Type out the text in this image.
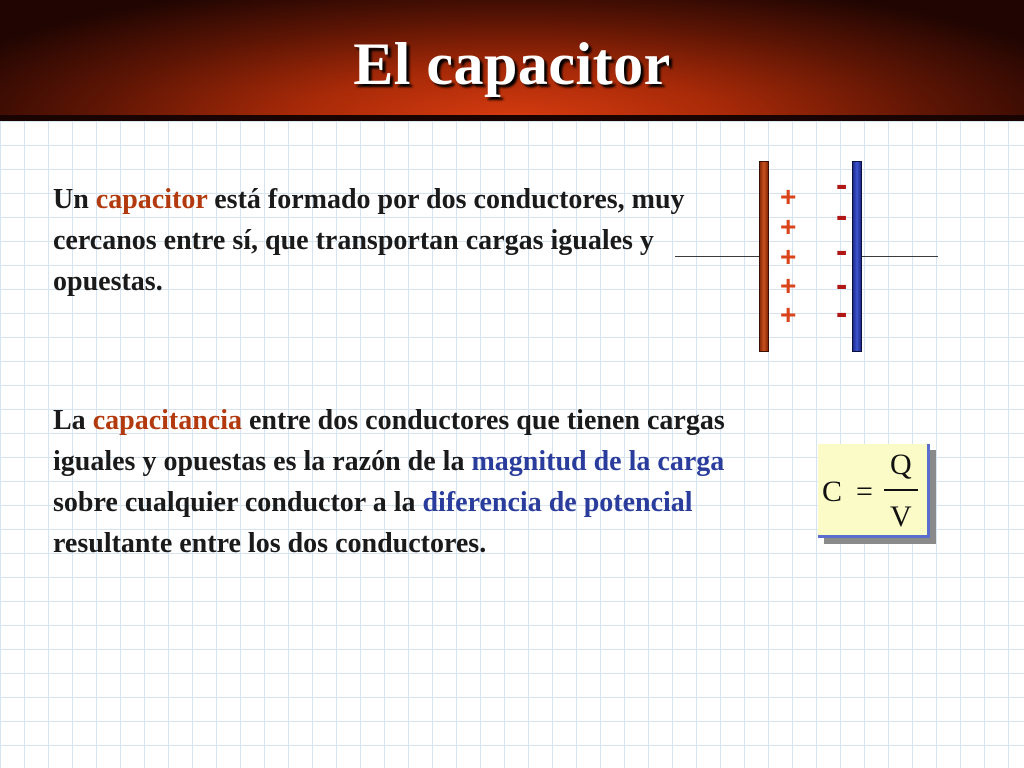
El capacitor
Un capacitor está formado por dos conductores, muy cercanos entre sí, que transportan cargas iguales y opuestas.
+
+
+
+
+
-
-
-
-
-
La capacitancia entre dos conductores que tienen cargas iguales y opuestas es la razón de la magnitud de la carga sobre cualquier conductor a la diferencia de potencial resultante entre los dos conductores.
C =
Q
V
